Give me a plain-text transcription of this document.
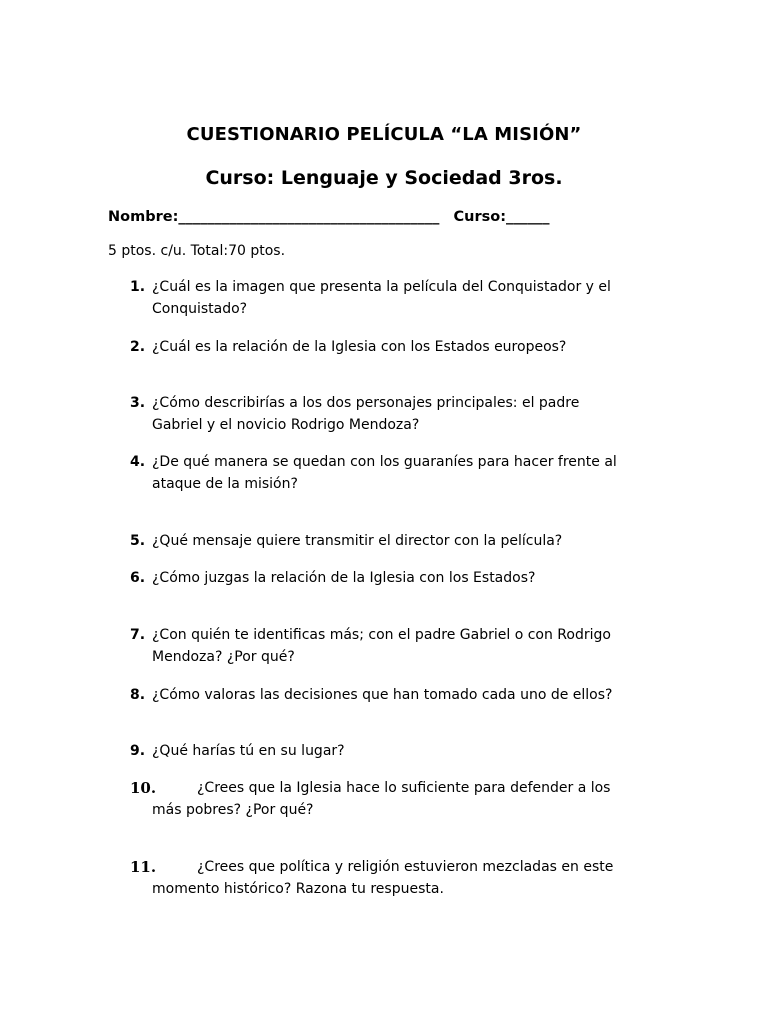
CUESTIONARIO PELÍCULA “LA MISIÓN”
Curso: Lenguaje y Sociedad 3ros.
Nombre:____________________________________ Curso:______
5 ptos. c/u. Total:70 ptos.
1. ¿Cuál es la imagen que presenta la película del Conquistador y el
Conquistado?
2. ¿Cuál es la relación de la Iglesia con los Estados europeos?
3. ¿Cómo describirías a los dos personajes principales: el padre
Gabriel y el novicio Rodrigo Mendoza?
4. ¿De qué manera se quedan con los guaraníes para hacer frente al
ataque de la misión?
5. ¿Qué mensaje quiere transmitir el director con la película?
6. ¿Cómo juzgas la relación de la Iglesia con los Estados?
7. ¿Con quién te identificas más; con el padre Gabriel o con Rodrigo
Mendoza? ¿Por qué?
8. ¿Cómo valoras las decisiones que han tomado cada uno de ellos?
9. ¿Qué harías tú en su lugar?
10.	¿Crees que la Iglesia hace lo suficiente para defender a los
más pobres? ¿Por qué?
11.	¿Crees que política y religión estuvieron mezcladas en este
momento histórico? Razona tu respuesta.
